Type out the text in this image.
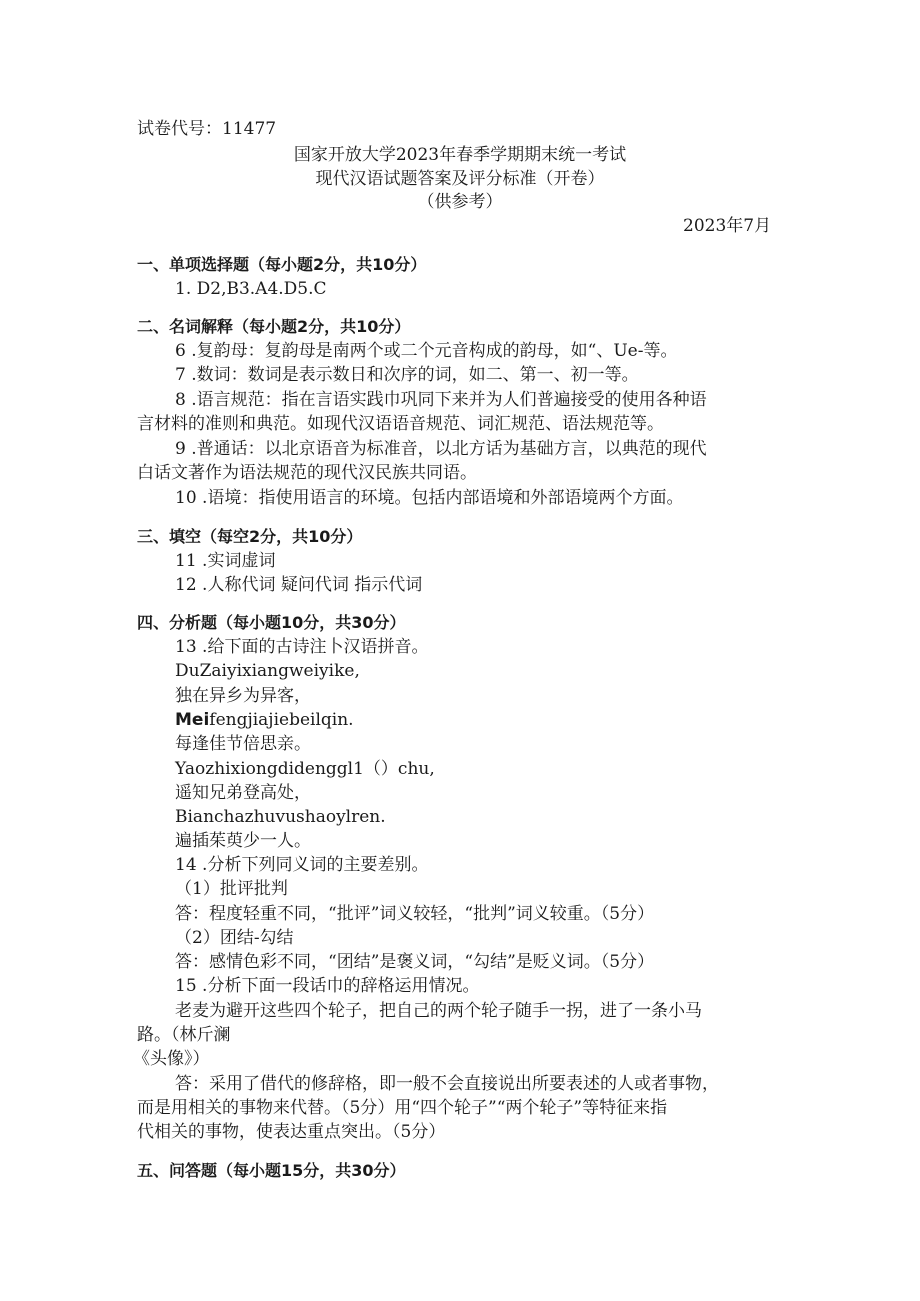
试卷代号：11477
国家开放大学2023年春季学期期末统一考试
现代汉语试题答案及评分标准（开卷）
（供参考）
2023年7月
一、单项选择题（每小题2分，共10分）
1. D2,B3.A4.D5.C
二、名词解释（每小题2分，共10分）
6 .复韵母：复韵母是南两个或二个元音构成的韵母，如“、Ue-等。
7 .数词：数词是表示数日和次序的词，如二、第一、初一等。
8 .语言规范：指在言语实践巾巩同下来并为人们普遍接受的使用各种语
言材料的准则和典范。如现代汉语语音规范、词汇规范、语法规范等。
9 .普通话：以北京语音为标准音，以北方话为基础方言，以典范的现代
白话文著作为语法规范的现代汉民族共同语。
10 .语境：指使用语言的环境。包括内部语境和外部语境两个方面。
三、填空（每空2分，共10分）
11 .实词虚词
12 .人称代词 疑问代词 指示代词
四、分析题（每小题10分，共30分）
13 .给下面的古诗注卜汉语拼音。
DuZaiyixiangweiyike,
独在异乡为异客，
Meifengjiajiebeilqin.
每逢佳节倍思亲。
Yaozhixiongdidenggl1（）chu,
遥知兄弟登高处，
Bianchazhuvushaoylren.
遍插茱萸少一人。
14 .分析下列同义词的主要差别。
（1）批评批判
答：程度轻重不同，“批评”词义较轻，“批判”词义较重。（5分）
（2）团结-勾结
答：感情色彩不同，“团结”是褒义词，“勾结”是贬义词。（5分）
15 .分析下面一段话巾的辞格运用情况。
老麦为避开这些四个轮子，把自己的两个轮子随手一拐，进了一条小马
路。（林斤澜
《头像》）
答：采用了借代的修辞格，即一般不会直接说出所要表述的人或者事物，
而是用相关的事物来代替。（5分）用“四个轮子”“两个轮子”等特征来指
代相关的事物，使表达重点突出。（5分）
五、问答题（每小题15分，共30分）
